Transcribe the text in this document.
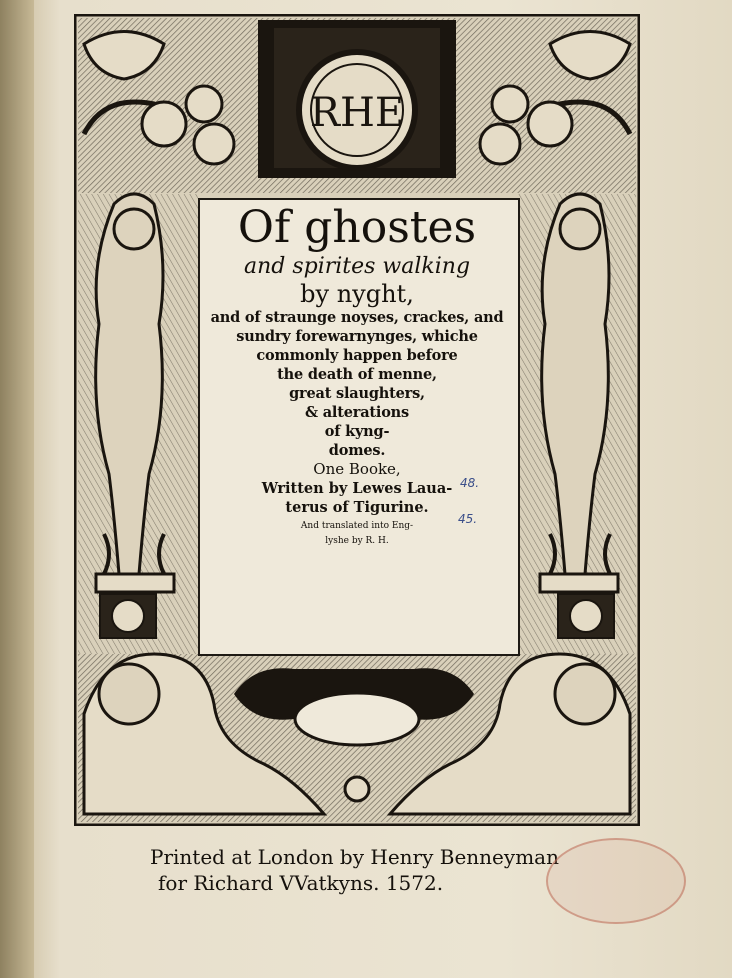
RHE
Of ghostes
and spirites walking
by nyght,
and of straunge noyses, crackes, and
sundry forewarnynges, whiche
commonly happen before
the death of menne,
great slaughters,
& alterations
of kyng-
domes.
One Booke,
Written by Lewes Laua-
terus of Tigurine.
And translated into Eng-
lyshe by R. H.
48.
45.
Printed at London by Henry Benneyman
for Richard VVatkyns. 1572.
